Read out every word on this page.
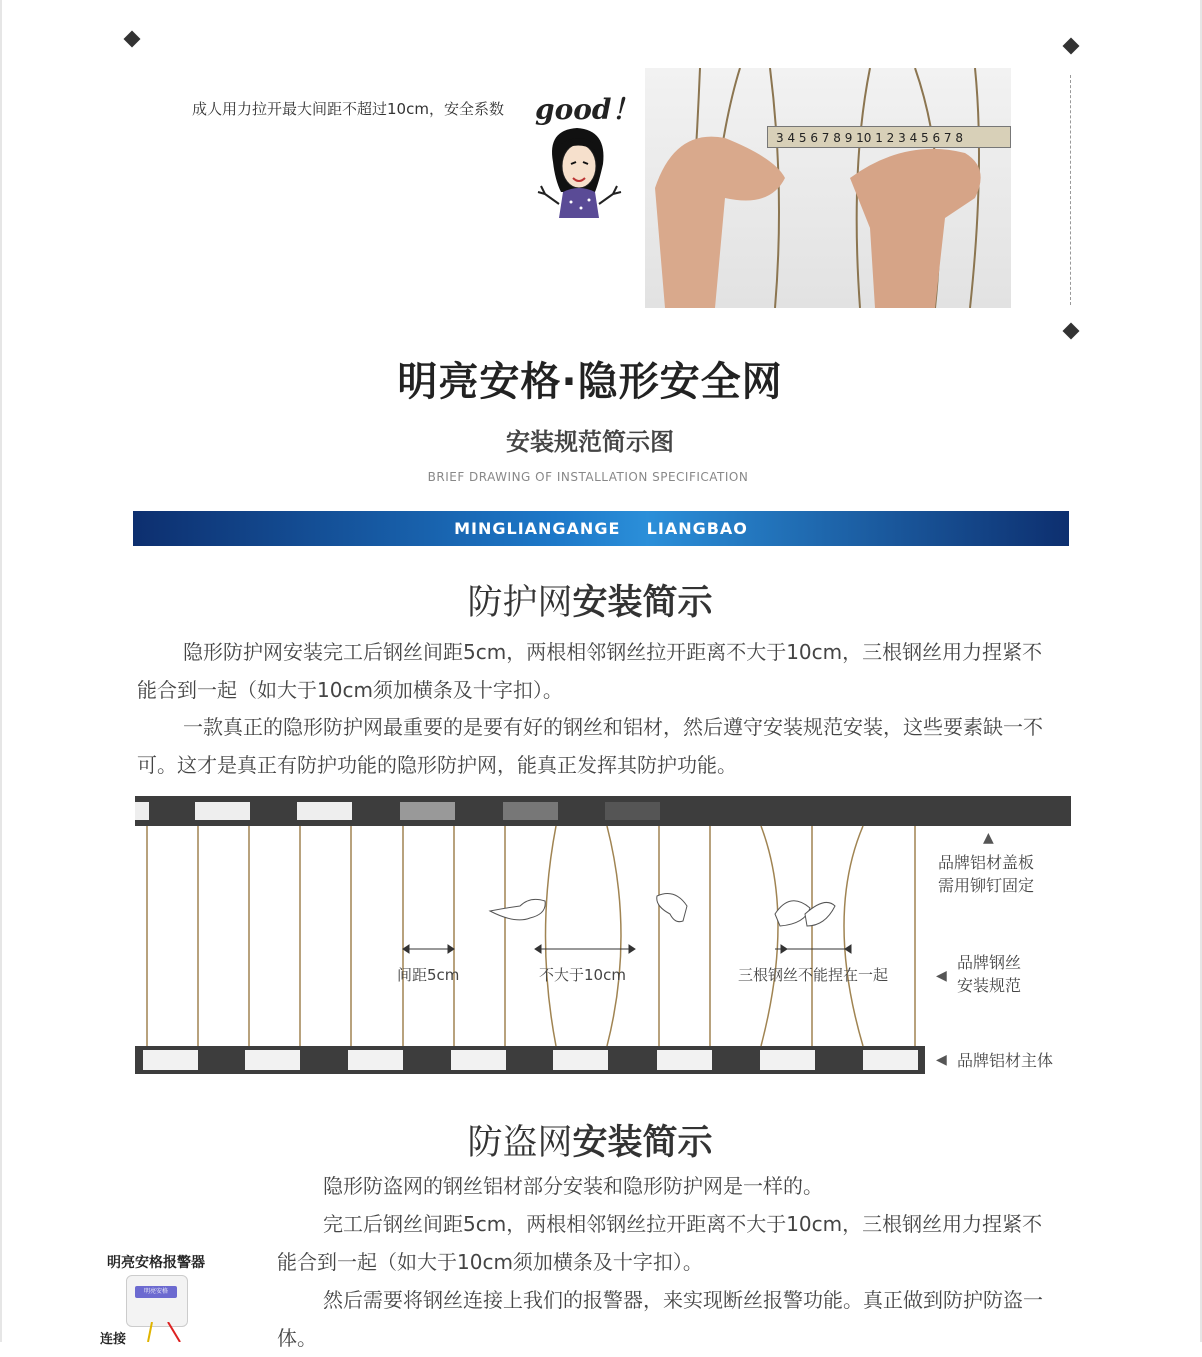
成人用力拉开最大间距不超过10cm，安全系数 good！
3 4 5 6 7 8 9 10 1 2 3 4 5 6 7 8
明亮安格·隐形安全网
安装规范简示图
BRIEF DRAWING OF INSTALLATION SPECIFICATION
MINGLIANGANGE    LIANGBAO
防护网安装简示
隐形防护网安装完工后钢丝间距5cm，两根相邻钢丝拉开距离不大于10cm，三根钢丝用力捏紧不能合到一起（如大于10cm须加横条及十字扣）。
一款真正的隐形防护网最重要的是要有好的钢丝和铝材，然后遵守安装规范安装，这些要素缺一不可。这才是真正有防护功能的隐形防护网，能真正发挥其防护功能。
间距5cm	不大于10cm	三根钢丝不能捏在一起
▲
品牌铝材盖板
需用铆钉固定
◀
品牌钢丝
安装规范
◀ 品牌铝材主体
防盗网安装简示
隐形防盗网的钢丝铝材部分安装和隐形防护网是一样的。
完工后钢丝间距5cm，两根相邻钢丝拉开距离不大于10cm，三根钢丝用力捏紧不能合到一起（如大于10cm须加横条及十字扣）。
然后需要将钢丝连接上我们的报警器，来实现断丝报警功能。真正做到防护防盗一体。
明亮安格报警器
明亮安格
连接
